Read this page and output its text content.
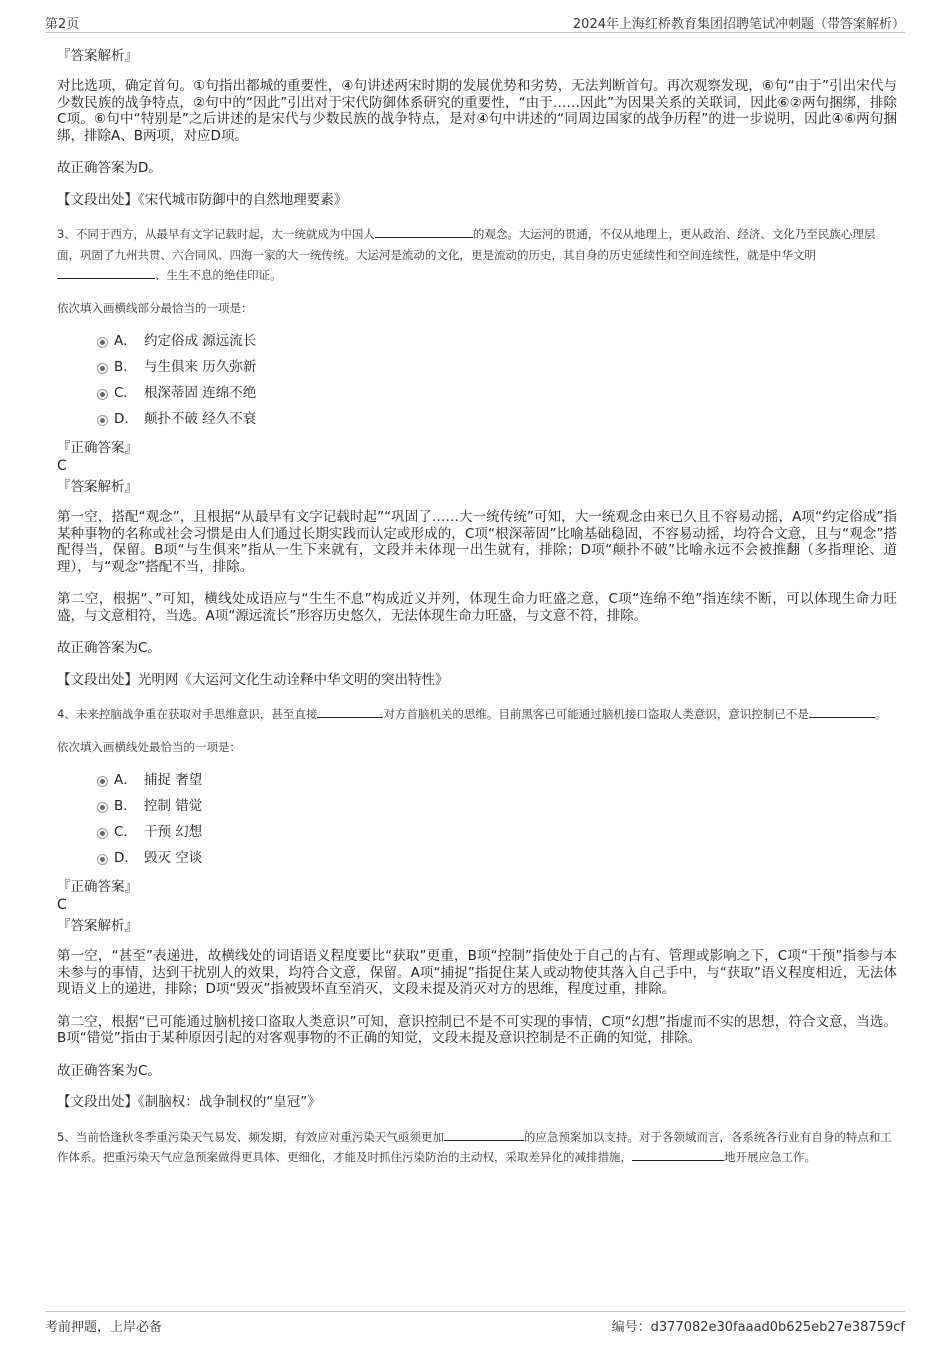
第2页	2024年上海红桥教育集团招聘笔试冲刺题（带答案解析）

『答案解析』

对比选项，确定首句。①句指出都城的重要性，④句讲述两宋时期的发展优势和劣势，无法判断首句。再次观察发现，⑥句“由于”引出宋代与少数民族的战争特点，②句中的“因此”引出对于宋代防御体系研究的重要性，“由于……因此”为因果关系的关联词，因此⑥②两句捆绑，排除C项。⑥句中“特别是”之后讲述的是宋代与少数民族的战争特点，是对④句中讲述的“同周边国家的战争历程”的进一步说明，因此④⑥两句捆绑，排除A、B两项，对应D项。

故正确答案为D。

【文段出处】《宋代城市防御中的自然地理要素》

3、不同于西方，从最早有文字记载时起，大一统就成为中国人	的观念。大运河的贯通，不仅从地理上，更从政治、经济、文化乃至民族心理层面，巩固了九州共贯、六合同风、四海一家的大一统传统。大运河是流动的文化，更是流动的历史，其自身的历史延续性和空间连续性，就是中华文明、生生不息的绝佳印证。

依次填入画横线部分最恰当的一项是：

A． 约定俗成 源远流长
B． 与生俱来 历久弥新
C． 根深蒂固 连绵不绝
D． 颠扑不破 经久不衰

『正确答案』

C

『答案解析』

第一空，搭配“观念”，且根据“从最早有文字记载时起”“巩固了……大一统传统”可知，大一统观念由来已久且不容易动摇，A项“约定俗成”指某种事物的名称或社会习惯是由人们通过长期实践而认定或形成的，C项“根深蒂固”比喻基础稳固，不容易动摇，均符合文意，且与“观念”搭配得当，保留。B项“与生俱来”指从一生下来就有，文段并未体现一出生就有，排除；D项“颠扑不破”比喻永远不会被推翻（多指理论、道理），与“观念”搭配不当，排除。

第二空，根据“、”可知，横线处成语应与“生生不息”构成近义并列，体现生命力旺盛之意，C项“连绵不绝”指连续不断，可以体现生命力旺盛，与文意相符，当选。A项“源远流长”形容历史悠久，无法体现生命力旺盛，与文意不符，排除。

故正确答案为C。

【文段出处】光明网《大运河文化生动诠释中华文明的突出特性》

4、未来控脑战争重在获取对手思维意识，甚至直接	对方首脑机关的思维。目前黑客已可能通过脑机接口盗取人类意识，意识控制已不是	。

依次填入画横线处最恰当的一项是：

A． 捕捉 奢望
B． 控制 错觉
C． 干预 幻想
D． 毁灭 空谈

『正确答案』

C

『答案解析』

第一空，“甚至”表递进，故横线处的词语语义程度要比“获取”更重，B项“控制”指使处于自己的占有、管理或影响之下，C项“干预”指参与本未参与的事情，达到干扰别人的效果，均符合文意，保留。A项“捕捉”指捉住某人或动物使其落入自己手中，与“获取”语义程度相近，无法体现语义上的递进，排除；D项“毁灭”指被毁坏直至消灭，文段未提及消灭对方的思维，程度过重，排除。

第二空，根据“已可能通过脑机接口盗取人类意识”可知，意识控制已不是不可实现的事情，C项“幻想”指虚而不实的思想，符合文意，当选。B项“错觉”指由于某种原因引起的对客观事物的不正确的知觉，文段未提及意识控制是不正确的知觉，排除。

故正确答案为C。

【文段出处】《制脑权：战争制权的“皇冠”》

5、当前恰逢秋冬季重污染天气易发、频发期，有效应对重污染天气亟须更加	的应急预案加以支持。对于各领域而言，各系统各行业有自身的特点和工作体系。把重污染天气应急预案做得更具体、更细化，才能及时抓住污染防治的主动权，采取差异化的减排措施，	地开展应急工作。

考前押题，上岸必备	编号：d377082e30faaad0b625eb27e38759cf
